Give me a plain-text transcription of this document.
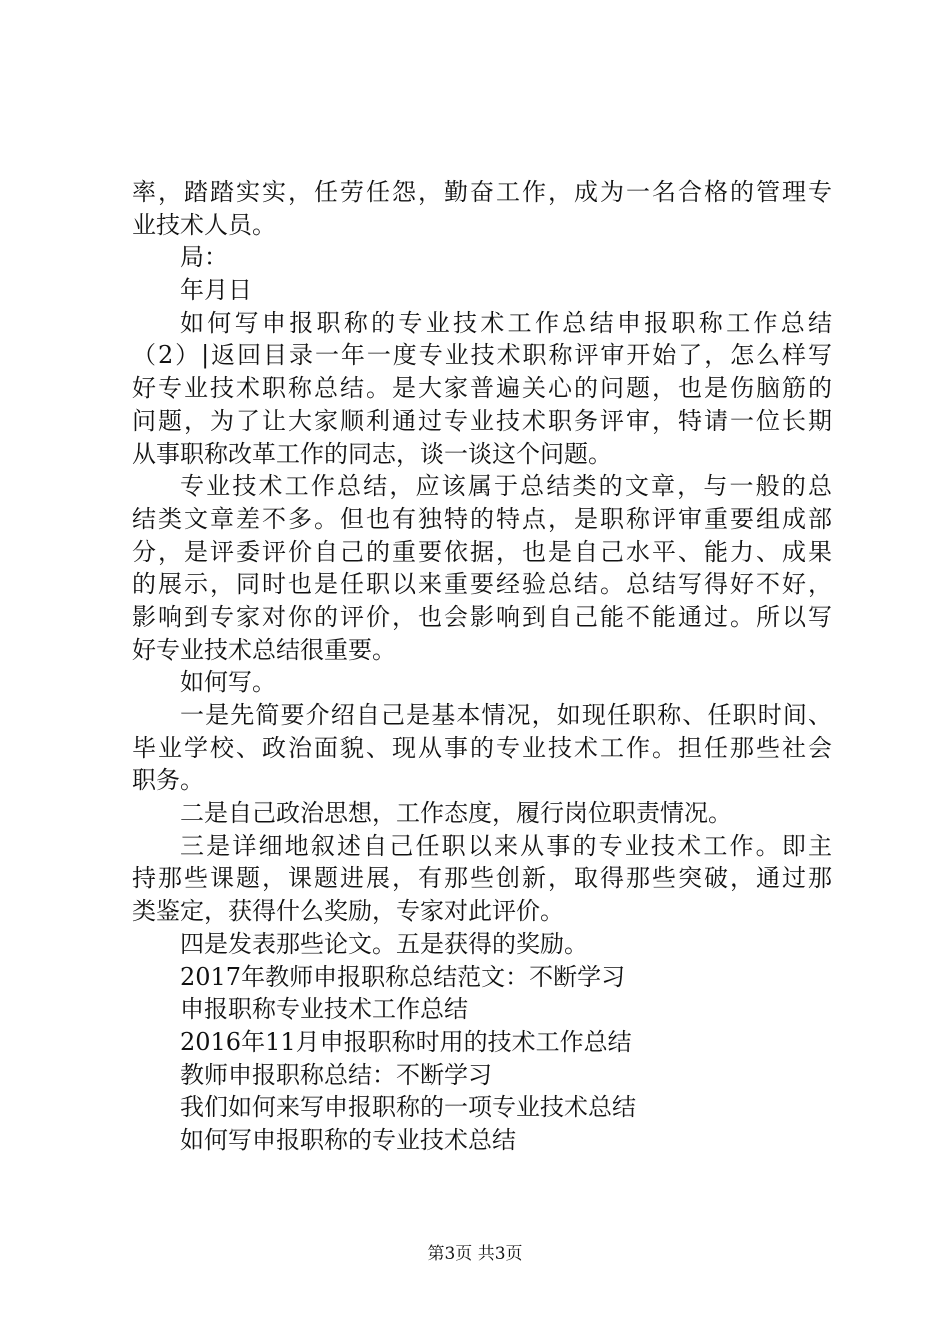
率，踏踏实实，任劳任怨，勤奋工作，成为一名合格的管理专
业技术人员。
局：
年月日
如何写申报职称的专业技术工作总结申报职称工作总结
（2）|返回目录一年一度专业技术职称评审开始了，怎么样写
好专业技术职称总结。是大家普遍关心的问题，也是伤脑筋的
问题，为了让大家顺利通过专业技术职务评审，特请一位长期
从事职称改革工作的同志，谈一谈这个问题。
专业技术工作总结，应该属于总结类的文章，与一般的总
结类文章差不多。但也有独特的特点，是职称评审重要组成部
分，是评委评价自己的重要依据，也是自己水平、能力、成果
的展示，同时也是任职以来重要经验总结。总结写得好不好，
影响到专家对你的评价，也会影响到自己能不能通过。所以写
好专业技术总结很重要。
如何写。
一是先简要介绍自己是基本情况，如现任职称、任职时间、
毕业学校、政治面貌、现从事的专业技术工作。担任那些社会
职务。
二是自己政治思想，工作态度，履行岗位职责情况。
三是详细地叙述自己任职以来从事的专业技术工作。即主
持那些课题，课题进展，有那些创新，取得那些突破，通过那
类鉴定，获得什么奖励，专家对此评价。
四是发表那些论文。五是获得的奖励。
2017年教师申报职称总结范文：不断学习
申报职称专业技术工作总结
2016年11月申报职称时用的技术工作总结
教师申报职称总结：不断学习
我们如何来写申报职称的一项专业技术总结
如何写申报职称的专业技术总结
第3页 共3页
